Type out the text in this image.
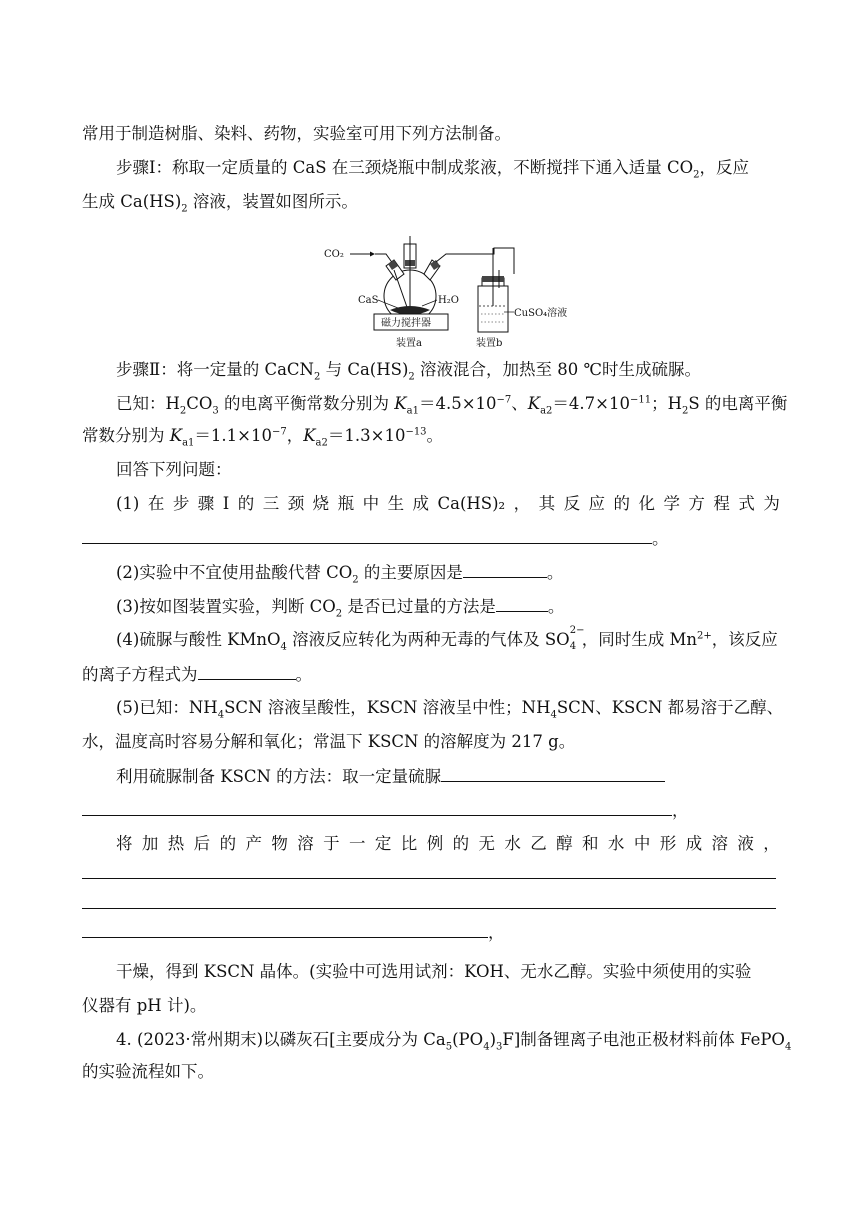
常用于制造树脂、染料、药物，实验室可用下列方法制备。
步骤Ⅰ：称取一定质量的 CaS 在三颈烧瓶中制成浆液，不断搅拌下通入适量 $CO_2$，反应
生成 $Ca(HS)_2$ 溶液，装置如图所示。
CO₂
CaS	H₂O
磁力搅拌器
装置a
CuSO₄溶液
装置b
步骤Ⅱ：将一定量的 CaCN$_2$ 与 $Ca(HS)_2$ 溶液混合，加热至 80 ℃时生成硫脲。
已知：$H_2CO_3$ 的电离平衡常数分别为 $K_{a1}=4.5\times 10^{-7}$、$K_{a2}=4.7\times 10^{-11}$；$H_2S$ 的电离平衡
常数分别为 $K_{a1}=1.1\times 10^{-7}$，$K_{a2}=1.3\times 10^{-13}$。
回答下列问题：
(1) 在 步 骤 Ⅰ 的 三 颈 烧 瓶 中 生 成 Ca(HS)₂ ， 其 反 应 的 化 学 方 程 式 为
。
(2)实验中不宜使用盐酸代替 $CO_2$ 的主要原因是	。
(3)按如图装置实验，判断 $CO_2$ 是否已过量的方法是	。
(4)硫脲与酸性 KMnO$_4$ 溶液反应转化为两种无毒的气体及 SO 2−
4 ，同时生成 $Mn^{2+}$，该反应
的离子方程式为	。
(5)已知：$NH_4SCN$ 溶液呈酸性，KSCN 溶液呈中性；$NH_4SCN$、KSCN 都易溶于乙醇、
水，温度高时容易分解和氧化；常温下 KSCN 的溶解度为 217 g。
利用硫脲制备 KSCN 的方法：取一定量硫脲
，
将 加 热 后 的 产 物 溶 于 一 定 比 例 的 无 水 乙 醇 和 水 中 形 成 溶 液 ，
，
干燥，得到 KSCN 晶体。(实验中可选用试剂：KOH、无水乙醇。实验中须使用的实验
仪器有 pH 计)。
4. (2023·常州期末)以磷灰石[主要成分为 $Ca_5(PO_4)_3F$]制备锂离子电池正极材料前体 FePO$_4$
的实验流程如下。
